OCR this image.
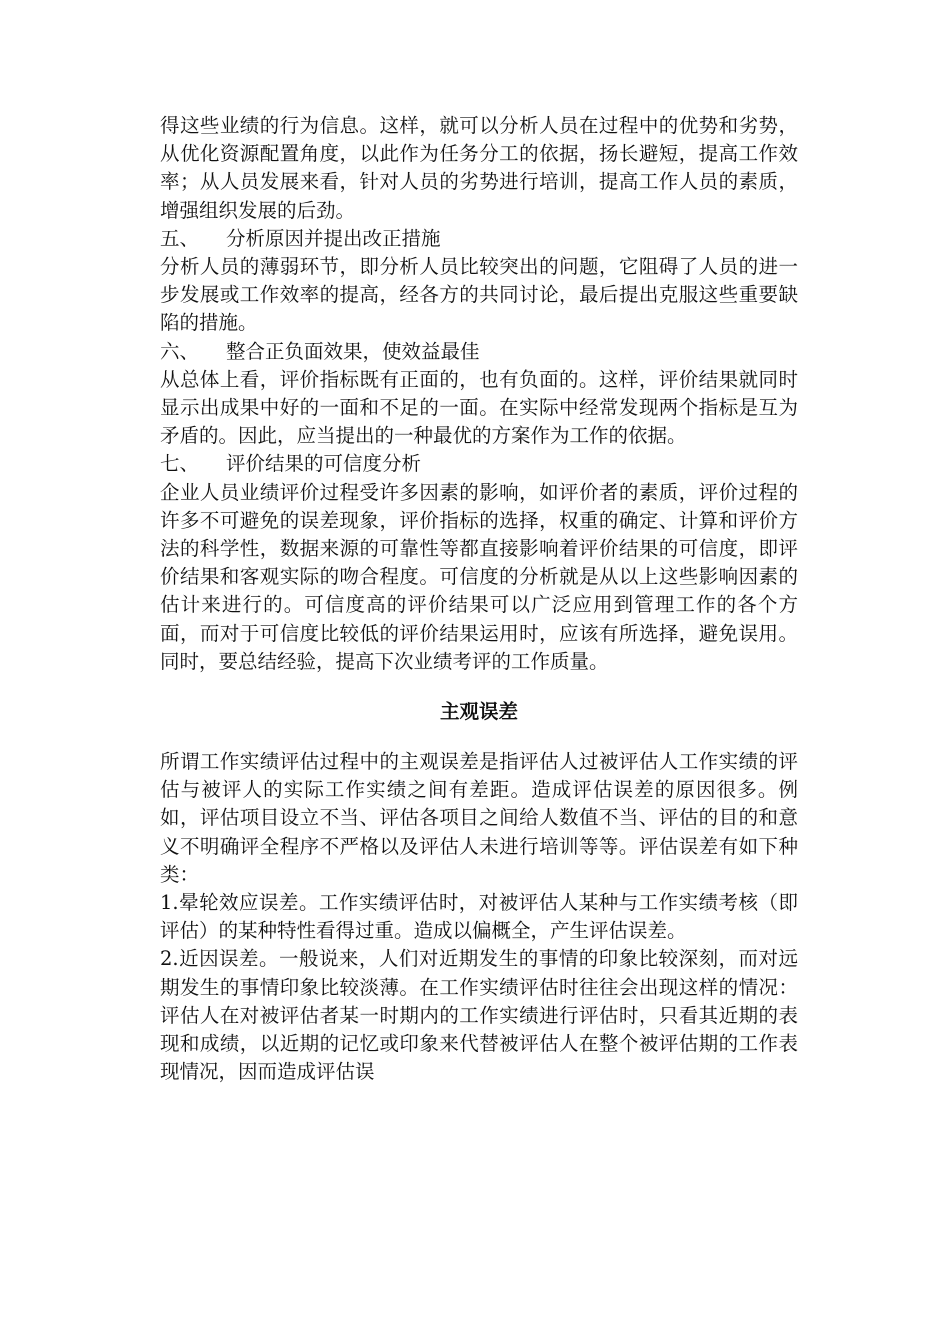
得这些业绩的行为信息。这样，就可以分析人员在过程中的优势和劣势，从优化资源配置角度，以此作为任务分工的依据，扬长避短，提高工作效率；从人员发展来看，针对人员的劣势进行培训，提高工作人员的素质，增强组织发展的后劲。

五、 分析原因并提出改正措施

分析人员的薄弱环节，即分析人员比较突出的问题，它阻碍了人员的进一步发展或工作效率的提高，经各方的共同讨论，最后提出克服这些重要缺陷的措施。

六、 整合正负面效果，使效益最佳

从总体上看，评价指标既有正面的，也有负面的。这样，评价结果就同时显示出成果中好的一面和不足的一面。在实际中经常发现两个指标是互为矛盾的。因此，应当提出的一种最优的方案作为工作的依据。

七、 评价结果的可信度分析

企业人员业绩评价过程受许多因素的影响，如评价者的素质，评价过程的许多不可避免的误差现象，评价指标的选择，权重的确定、计算和评价方法的科学性，数据来源的可靠性等都直接影响着评价结果的可信度，即评价结果和客观实际的吻合程度。可信度的分析就是从以上这些影响因素的估计来进行的。可信度高的评价结果可以广泛应用到管理工作的各个方面，而对于可信度比较低的评价结果运用时，应该有所选择，避免误用。同时，要总结经验，提高下次业绩考评的工作质量。

主观误差

所谓工作实绩评估过程中的主观误差是指评估人过被评估人工作实绩的评估与被评人的实际工作实绩之间有差距。造成评估误差的原因很多。例如，评估项目设立不当、评估各项目之间给人数值不当、评估的目的和意义不明确评全程序不严格以及评估人未进行培训等等。评估误差有如下种类：

1.晕轮效应误差。工作实绩评估时，对被评估人某种与工作实绩考核（即评估）的某种特性看得过重。造成以偏概全，产生评估误差。

2.近因误差。一般说来，人们对近期发生的事情的印象比较深刻，而对远期发生的事情印象比较淡薄。在工作实绩评估时往往会出现这样的情况：评估人在对被评估者某一时期内的工作实绩进行评估时，只看其近期的表现和成绩，以近期的记忆或印象来代替被评估人在整个被评估期的工作表现情况，因而造成评估误
